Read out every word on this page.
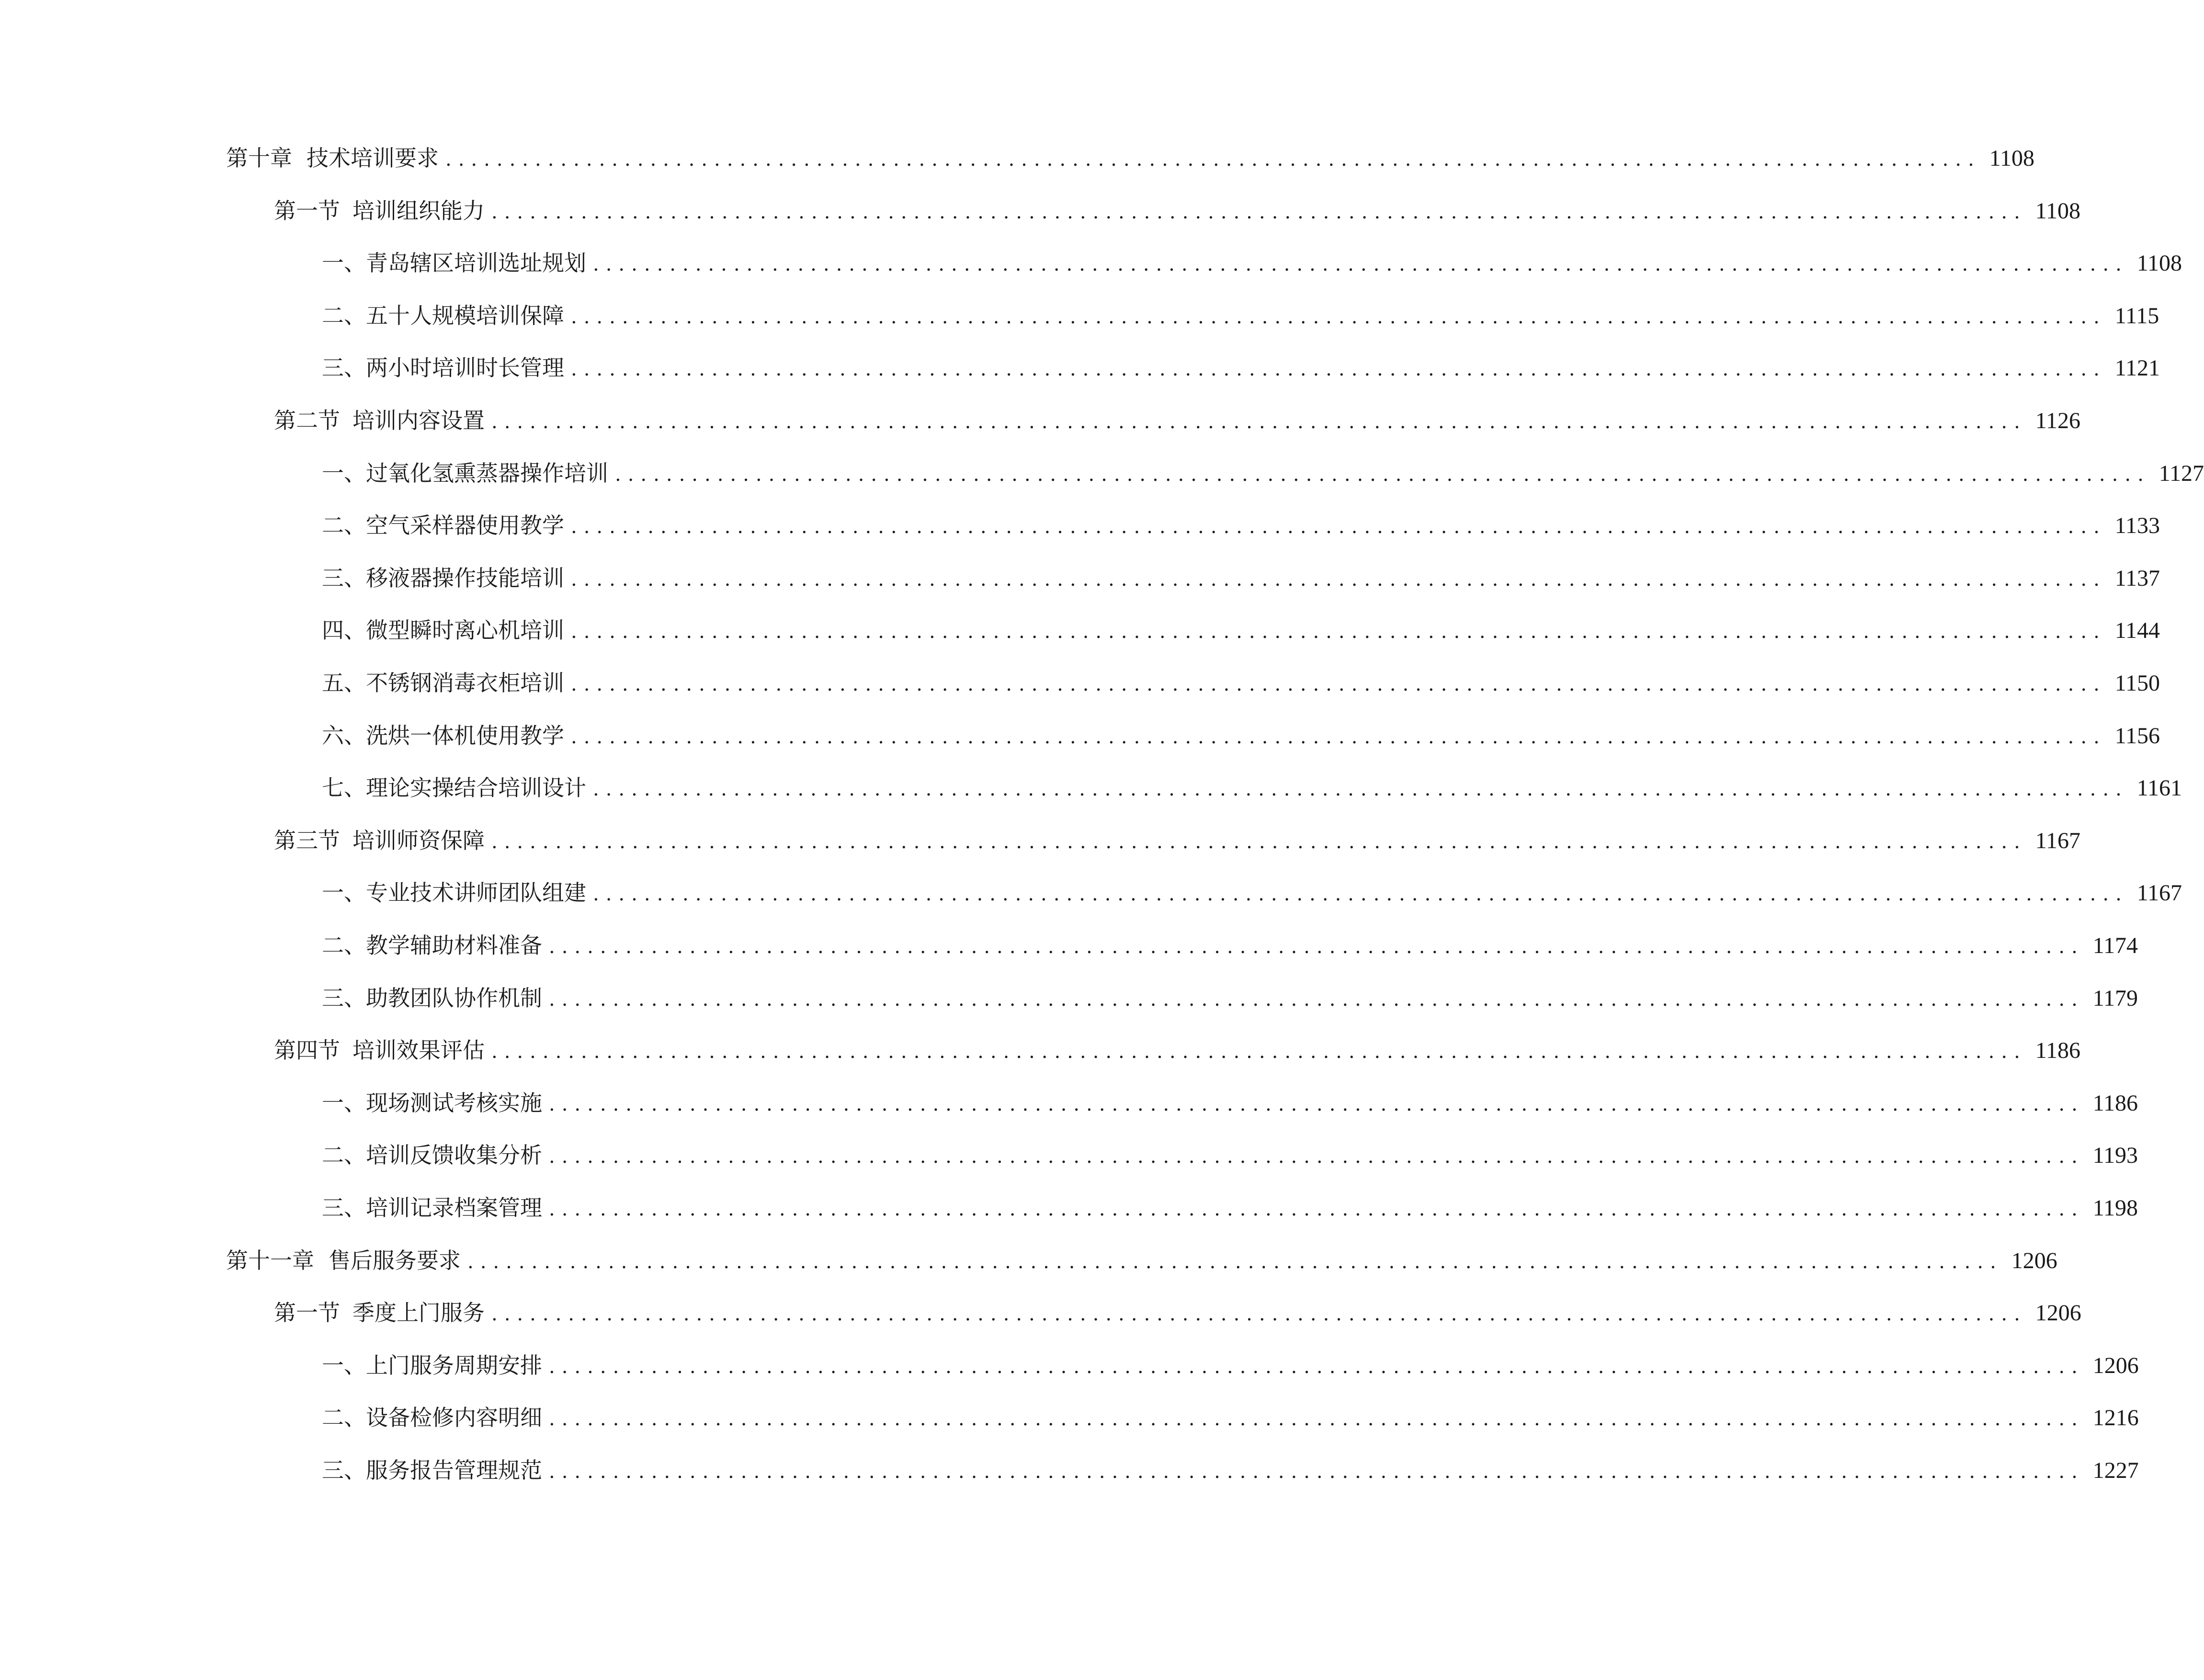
第十章 技术培训要求 ........................................................................................................................ 1108
第一节 培训组织能力 ........................................................................................................................ 1108
一、 青岛辖区培训选址规划 ........................................................................................................................ 1108
二、 五十人规模培训保障 ........................................................................................................................ 1115
三、 两小时培训时长管理 ........................................................................................................................ 1121
第二节 培训内容设置 ........................................................................................................................ 1126
一、 过氧化氢熏蒸器操作培训 ........................................................................................................................ 1127
二、 空气采样器使用教学 ........................................................................................................................ 1133
三、 移液器操作技能培训 ........................................................................................................................ 1137
四、 微型瞬时离心机培训 ........................................................................................................................ 1144
五、 不锈钢消毒衣柜培训 ........................................................................................................................ 1150
六、 洗烘一体机使用教学 ........................................................................................................................ 1156
七、 理论实操结合培训设计 ........................................................................................................................ 1161
第三节 培训师资保障 ........................................................................................................................ 1167
一、 专业技术讲师团队组建 ........................................................................................................................ 1167
二、 教学辅助材料准备 ........................................................................................................................ 1174
三、 助教团队协作机制 ........................................................................................................................ 1179
第四节 培训效果评估 ........................................................................................................................ 1186
一、 现场测试考核实施 ........................................................................................................................ 1186
二、 培训反馈收集分析 ........................................................................................................................ 1193
三、 培训记录档案管理 ........................................................................................................................ 1198
第十一章 售后服务要求 ........................................................................................................................ 1206
第一节 季度上门服务 ........................................................................................................................ 1206
一、 上门服务周期安排 ........................................................................................................................ 1206
二、 设备检修内容明细 ........................................................................................................................ 1216
三、 服务报告管理规范 ........................................................................................................................ 1227
